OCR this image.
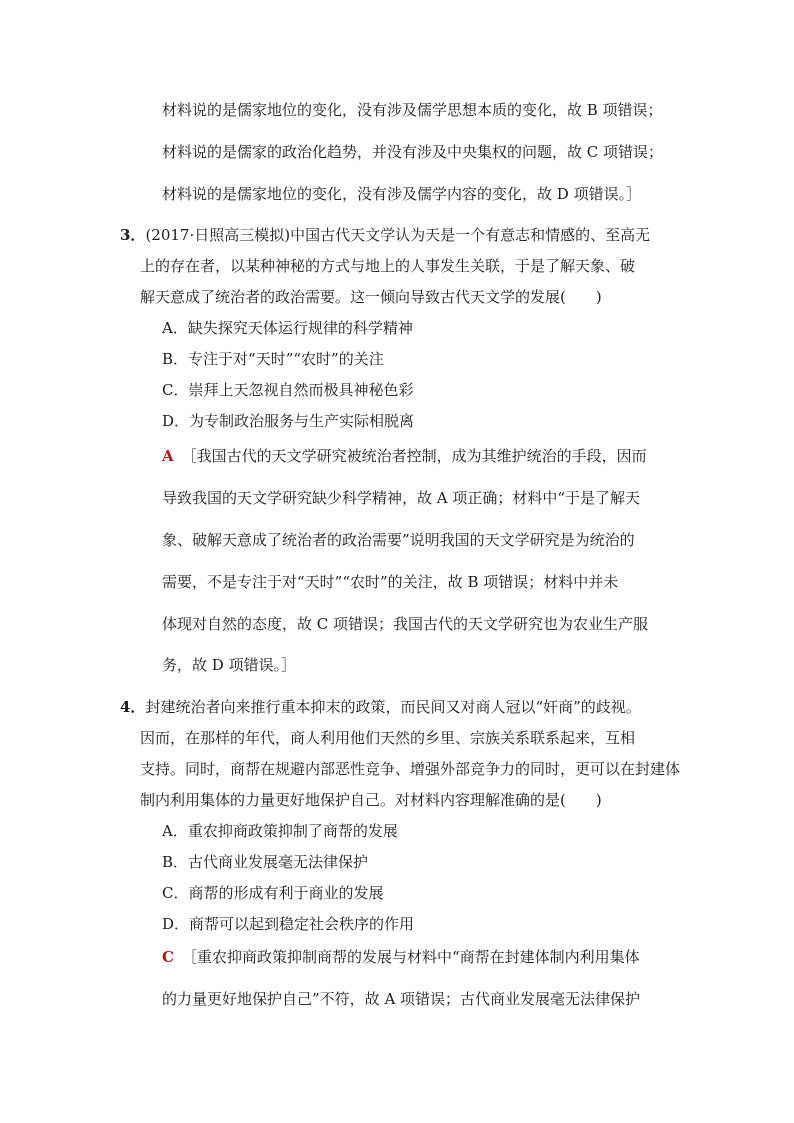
材料说的是儒家地位的变化，没有涉及儒学思想本质的变化，故 B 项错误；
材料说的是儒家的政治化趋势，并没有涉及中央集权的问题，故 C 项错误；
材料说的是儒家地位的变化，没有涉及儒学内容的变化，故 D 项错误。］
3．(2017·日照高三模拟)中国古代天文学认为天是一个有意志和情感的、至高无
上的存在者，以某种神秘的方式与地上的人事发生关联，于是了解天象、破
解天意成了统治者的政治需要。这一倾向导致古代天文学的发展(　　)
A．缺失探究天体运行规律的科学精神
B．专注于对“天时”“农时”的关注
C．崇拜上天忽视自然而极具神秘色彩
D．为专制政治服务与生产实际相脱离
A ［我国古代的天文学研究被统治者控制，成为其维护统治的手段，因而
导致我国的天文学研究缺少科学精神，故 A 项正确；材料中“于是了解天
象、破解天意成了统治者的政治需要”说明我国的天文学研究是为统治的
需要，不是专注于对“天时”“农时”的关注，故 B 项错误；材料中并未
体现对自然的态度，故 C 项错误；我国古代的天文学研究也为农业生产服
务，故 D 项错误。］
4．封建统治者向来推行重本抑末的政策，而民间又对商人冠以“奸商”的歧视。
因而，在那样的年代，商人利用他们天然的乡里、宗族关系联系起来，互相
支持。同时，商帮在规避内部恶性竞争、增强外部竞争力的同时，更可以在封建体
制内利用集体的力量更好地保护自己。对材料内容理解准确的是(　　)
A．重农抑商政策抑制了商帮的发展
B．古代商业发展毫无法律保护
C．商帮的形成有利于商业的发展
D．商帮可以起到稳定社会秩序的作用
C ［重农抑商政策抑制商帮的发展与材料中“商帮在封建体制内利用集体
的力量更好地保护自己”不符，故 A 项错误；古代商业发展毫无法律保护
